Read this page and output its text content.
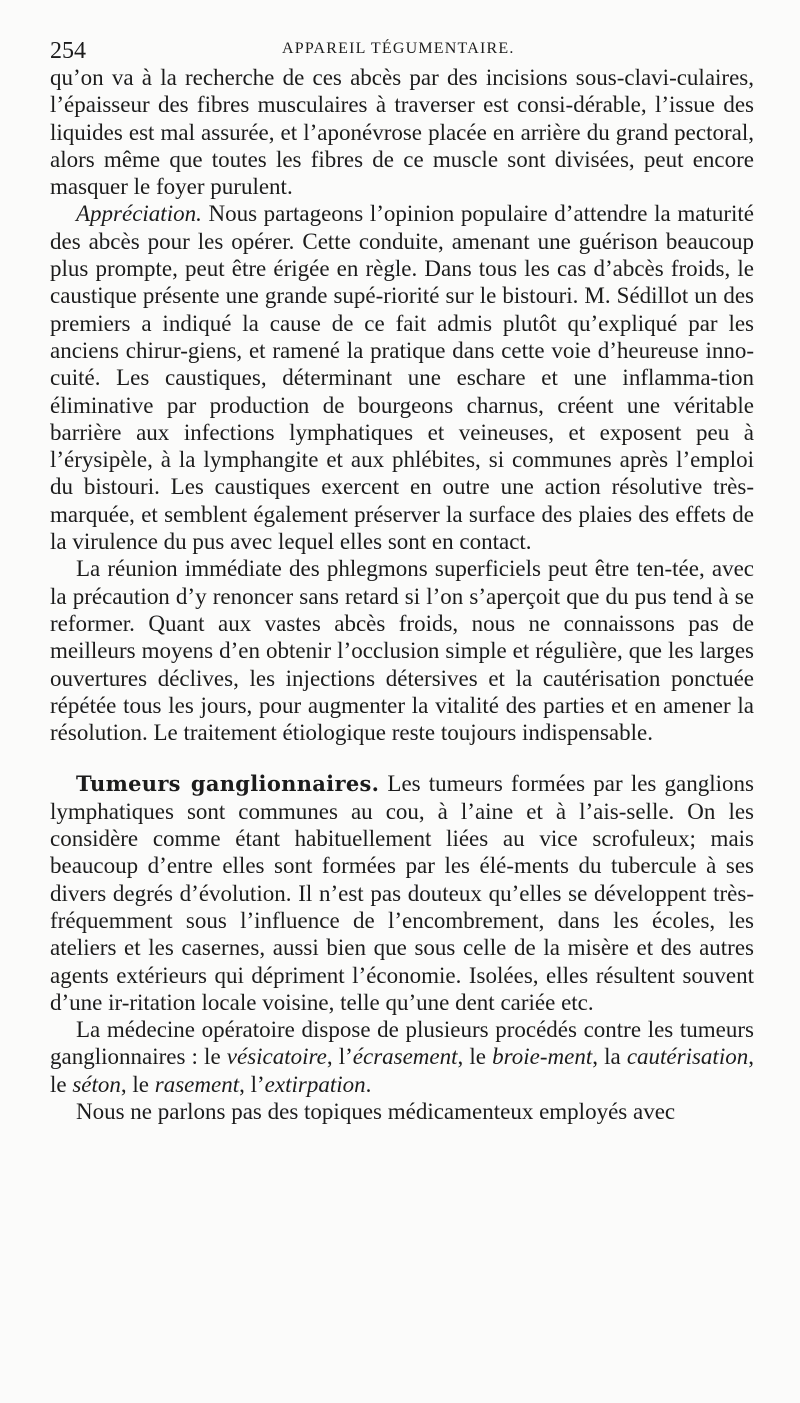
254	APPAREIL TÉGUMENTAIRE.

qu’on va à la recherche de ces abcès par des incisions sous-clavi-culaires, l’épaisseur des fibres musculaires à traverser est consi-dérable, l’issue des liquides est mal assurée, et l’aponévrose placée en arrière du grand pectoral, alors même que toutes les fibres de ce muscle sont divisées, peut encore masquer le foyer purulent.

Appréciation. Nous partageons l’opinion populaire d’attendre la maturité des abcès pour les opérer. Cette conduite, amenant une guérison beaucoup plus prompte, peut être érigée en règle. Dans tous les cas d’abcès froids, le caustique présente une grande supé-riorité sur le bistouri. M. Sédillot un des premiers a indiqué la cause de ce fait admis plutôt qu’expliqué par les anciens chirur-giens, et ramené la pratique dans cette voie d’heureuse inno-cuité. Les caustiques, déterminant une eschare et une inflamma-tion éliminative par production de bourgeons charnus, créent une véritable barrière aux infections lymphatiques et veineuses, et exposent peu à l’érysipèle, à la lymphangite et aux phlébites, si communes après l’emploi du bistouri. Les caustiques exercent en outre une action résolutive très-marquée, et semblent également préserver la surface des plaies des effets de la virulence du pus avec lequel elles sont en contact.

La réunion immédiate des phlegmons superficiels peut être ten-tée, avec la précaution d’y renoncer sans retard si l’on s’aperçoit que du pus tend à se reformer. Quant aux vastes abcès froids, nous ne connaissons pas de meilleurs moyens d’en obtenir l’occlusion simple et régulière, que les larges ouvertures déclives, les injections détersives et la cautérisation ponctuée répétée tous les jours, pour augmenter la vitalité des parties et en amener la résolution. Le traitement étiologique reste toujours indispensable.

Tumeurs ganglionnaires. Les tumeurs formées par les ganglions lymphatiques sont communes au cou, à l’aine et à l’ais-selle. On les considère comme étant habituellement liées au vice scrofuleux; mais beaucoup d’entre elles sont formées par les élé-ments du tubercule à ses divers degrés d’évolution. Il n’est pas douteux qu’elles se développent très-fréquemment sous l’influence de l’encombrement, dans les écoles, les ateliers et les casernes, aussi bien que sous celle de la misère et des autres agents extérieurs qui dépriment l’économie. Isolées, elles résultent souvent d’une ir-ritation locale voisine, telle qu’une dent cariée etc.

La médecine opératoire dispose de plusieurs procédés contre les tumeurs ganglionnaires : le vésicatoire, l’écrasement, le broie-ment, la cautérisation, le séton, le rasement, l’extirpation.

Nous ne parlons pas des topiques médicamenteux employés avec
